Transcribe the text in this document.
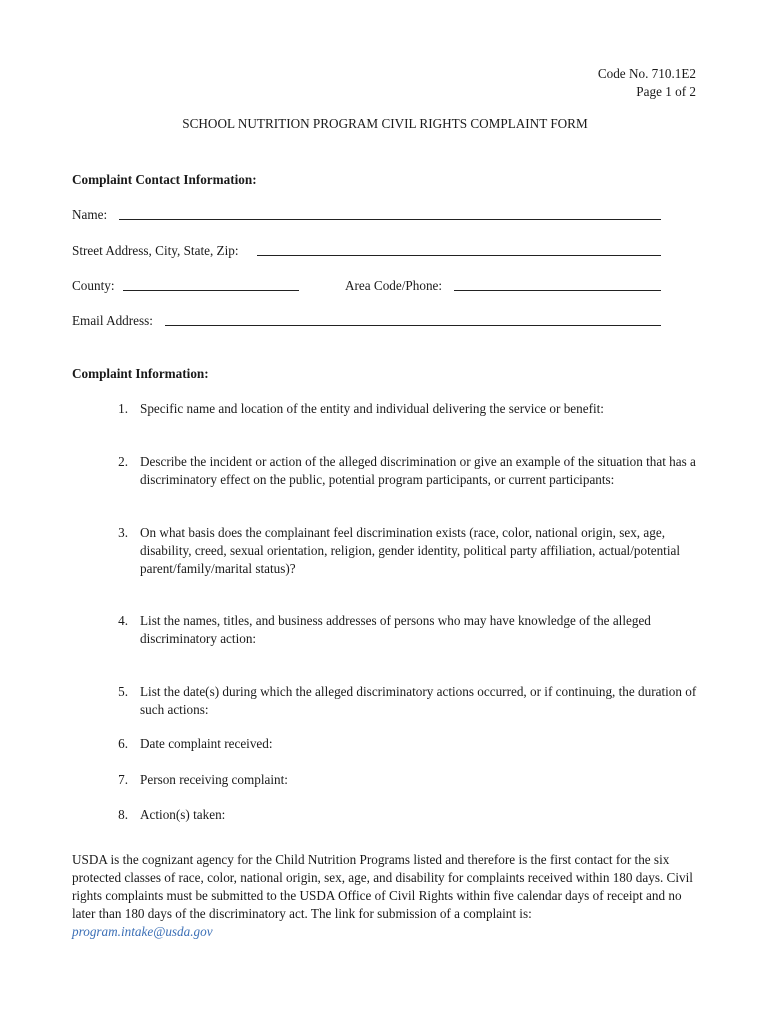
Code No. 710.1E2
Page 1 of 2
SCHOOL NUTRITION PROGRAM CIVIL RIGHTS COMPLAINT FORM
Complaint Contact Information:
Name:
Street Address, City, State, Zip:
County:	Area Code/Phone:
Email Address:
Complaint Information:
1. Specific name and location of the entity and individual delivering the service or benefit:
2. Describe the incident or action of the alleged discrimination or give an example of the situation that has a discriminatory effect on the public, potential program participants, or current participants:
3. On what basis does the complainant feel discrimination exists (race, color, national origin, sex, age, disability, creed, sexual orientation, religion, gender identity, political party affiliation, actual/potential parent/family/marital status)?
4. List the names, titles, and business addresses of persons who may have knowledge of the alleged discriminatory action:
5. List the date(s) during which the alleged discriminatory actions occurred, or if continuing, the duration of such actions:
6. Date complaint received:
7. Person receiving complaint:
8. Action(s) taken:
USDA is the cognizant agency for the Child Nutrition Programs listed and therefore is the first contact for the six protected classes of race, color, national origin, sex, age, and disability for complaints received within 180 days. Civil rights complaints must be submitted to the USDA Office of Civil Rights within five calendar days of receipt and no later than 180 days of the discriminatory act. The link for submission of a complaint is:
program.intake@usda.gov
